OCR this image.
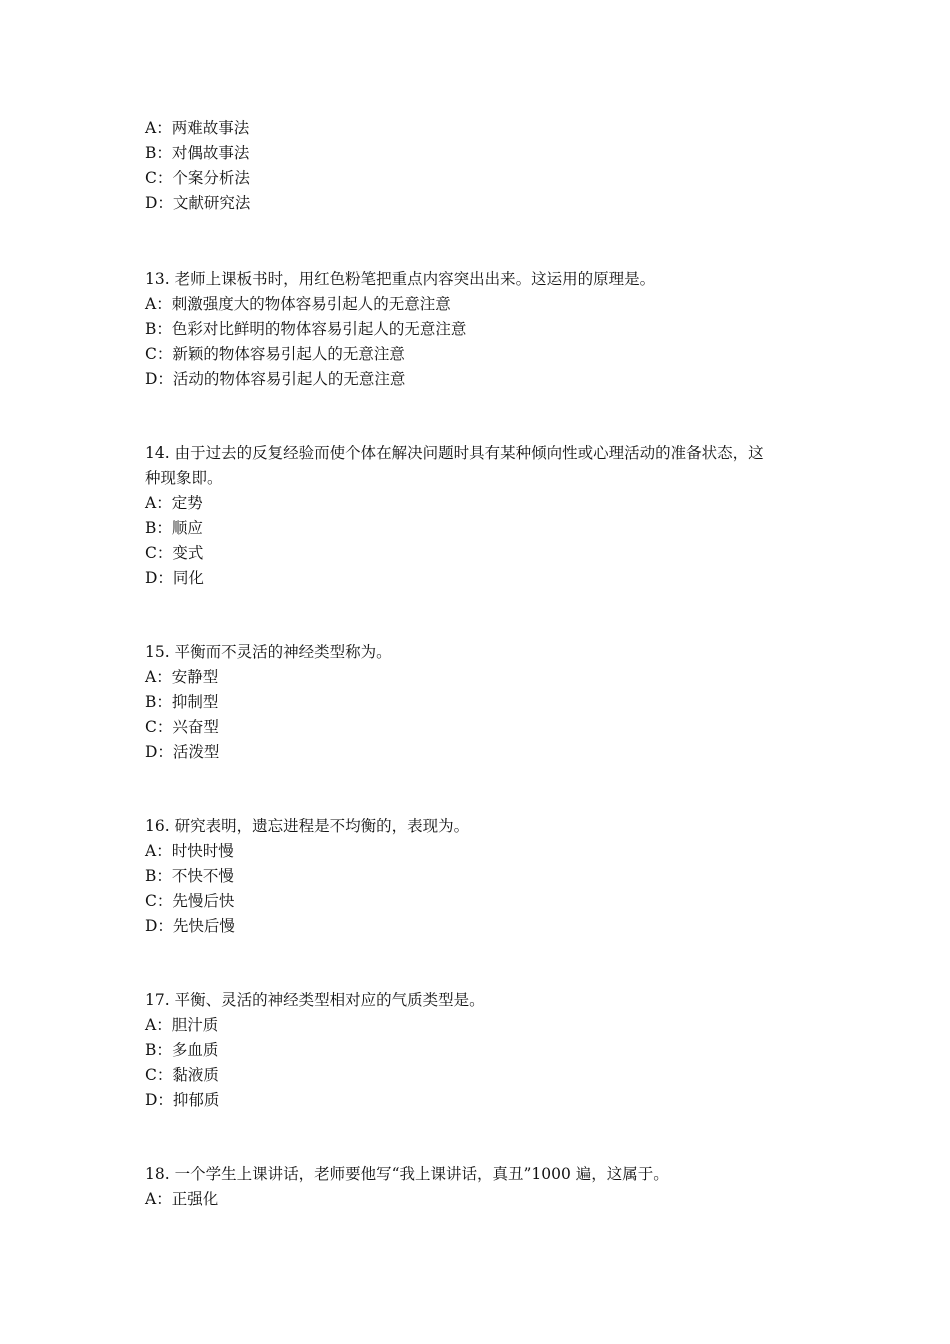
A：两难故事法
B：对偶故事法
C：个案分析法
D：文献研究法
13. 老师上课板书时，用红色粉笔把重点内容突出出来。这运用的原理是。
A：刺激强度大的物体容易引起人的无意注意
B：色彩对比鲜明的物体容易引起人的无意注意
C：新颖的物体容易引起人的无意注意
D：活动的物体容易引起人的无意注意
14. 由于过去的反复经验而使个体在解决问题时具有某种倾向性或心理活动的准备状态，这
种现象即。
A：定势
B：顺应
C：变式
D：同化
15. 平衡而不灵活的神经类型称为。
A：安静型
B：抑制型
C：兴奋型
D：活泼型
16. 研究表明，遗忘进程是不均衡的，表现为。
A：时快时慢
B：不快不慢
C：先慢后快
D：先快后慢
17. 平衡、灵活的神经类型相对应的气质类型是。
A：胆汁质
B：多血质
C：黏液质
D：抑郁质
18. 一个学生上课讲话，老师要他写“我上课讲话，真丑”1000 遍，这属于。
A：正强化
